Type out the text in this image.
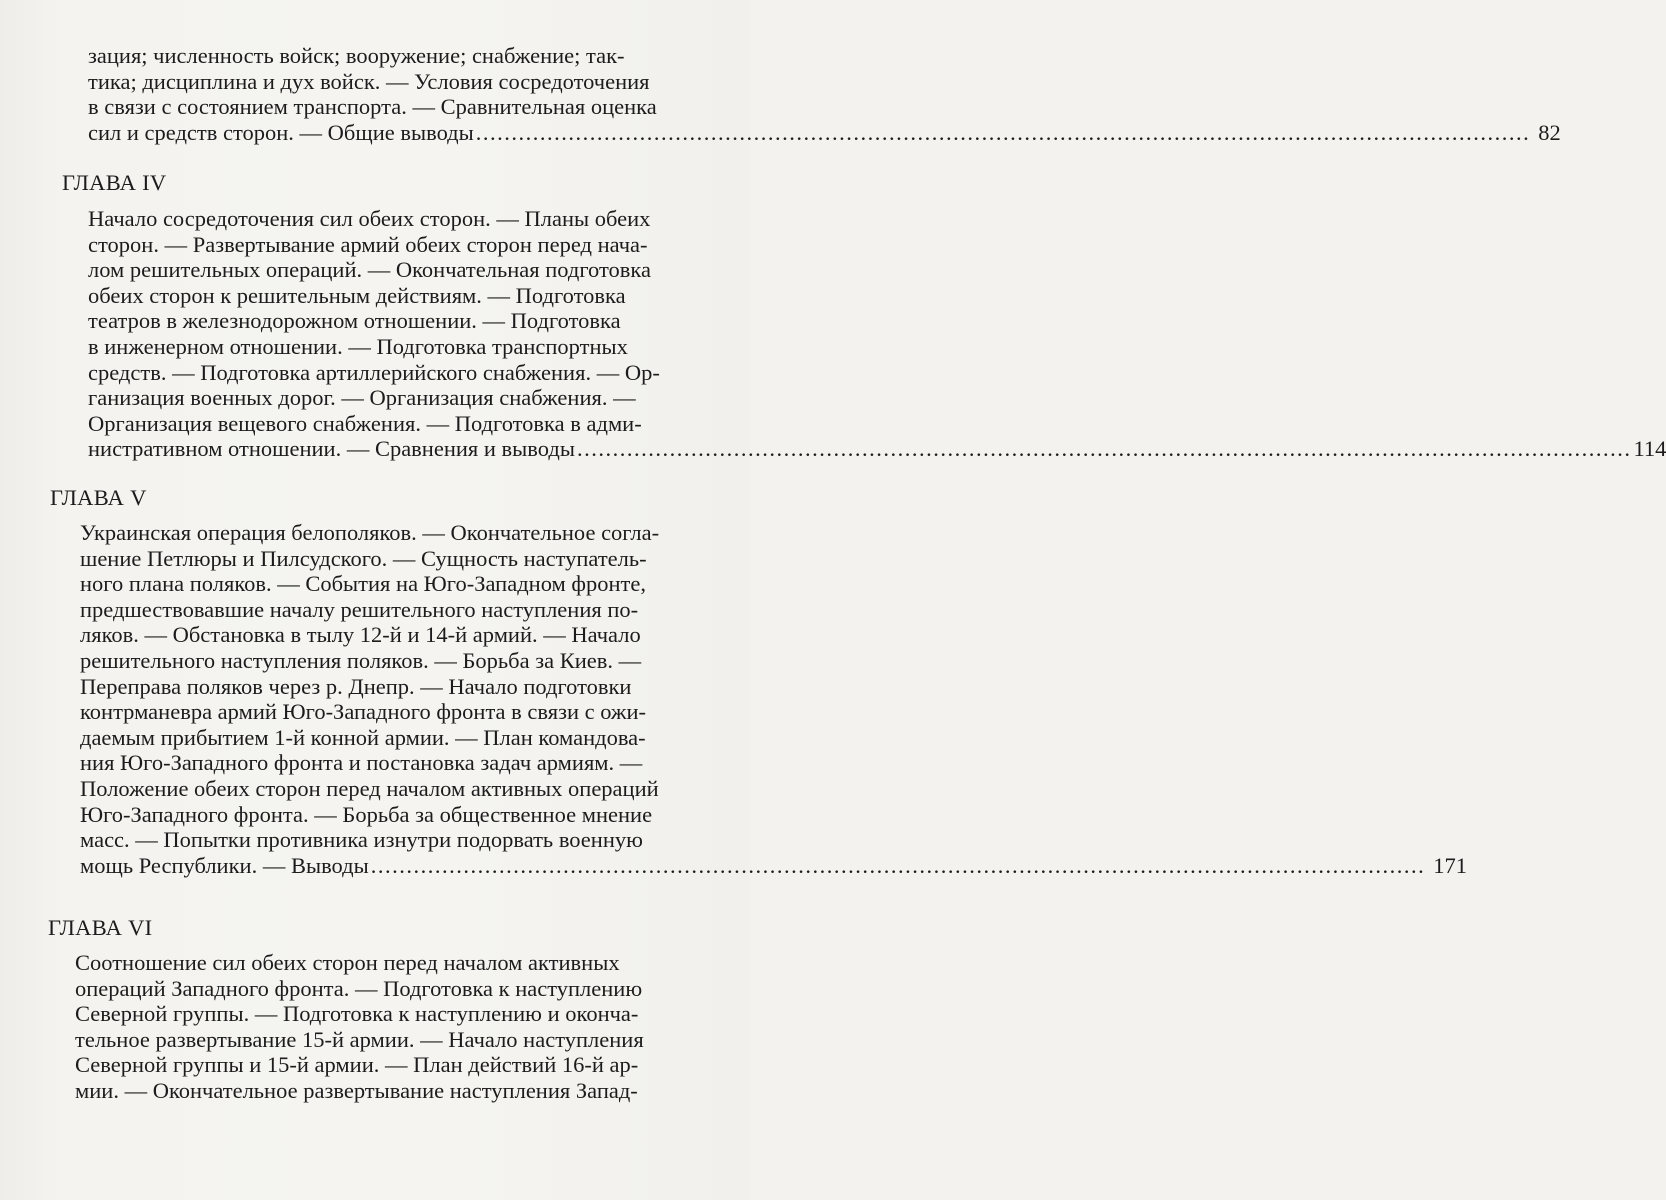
зация; численность войск; вооружение; снабжение; так-
тика; дисциплина и дух войск. — Условия сосредоточения
в связи с состоянием транспорта. — Сравнительная оценка
сил и средств сторон. — Общие выводы .................................................................................................................................................... 82
ГЛАВА IV
Начало сосредоточения сил обеих сторон. — Планы обеих
сторон. — Развертывание армий обеих сторон перед нача-
лом решительных операций. — Окончательная подготовка
обеих сторон к решительным действиям. — Подготовка
театров в железнодорожном отношении. — Подготовка
в инженерном отношении. — Подготовка транспортных
средств. — Подготовка артиллерийского снабжения. — Ор-
ганизация военных дорог. — Организация снабжения. —
Организация вещевого снабжения. — Подготовка в адми-
нистративном отношении. — Сравнения и выводы .................................................................................................................................................... 114
ГЛАВА V
Украинская операция белополяков. — Окончательное согла-
шение Петлюры и Пилсудского. — Сущность наступатель-
ного плана поляков. — События на Юго-Западном фронте,
предшествовавшие началу решительного наступления по-
ляков. — Обстановка в тылу 12-й и 14-й армий. — Начало
решительного наступления поляков. — Борьба за Киев. —
Переправа поляков через р. Днепр. — Начало подготовки
контрманевра армий Юго-Западного фронта в связи с ожи-
даемым прибытием 1-й конной армии. — План командова-
ния Юго-Западного фронта и постановка задач армиям. —
Положение обеих сторон перед началом активных операций
Юго-Западного фронта. — Борьба за общественное мнение
масс. — Попытки противника изнутри подорвать военную
мощь Республики. — Выводы .................................................................................................................................................... 171
ГЛАВА VI
Соотношение сил обеих сторон перед началом активных
операций Западного фронта. — Подготовка к наступлению
Северной группы. — Подготовка к наступлению и оконча-
тельное развертывание 15-й армии. — Начало наступления
Северной группы и 15-й армии. — План действий 16-й ар-
мии. — Окончательное развертывание наступления Запад-
